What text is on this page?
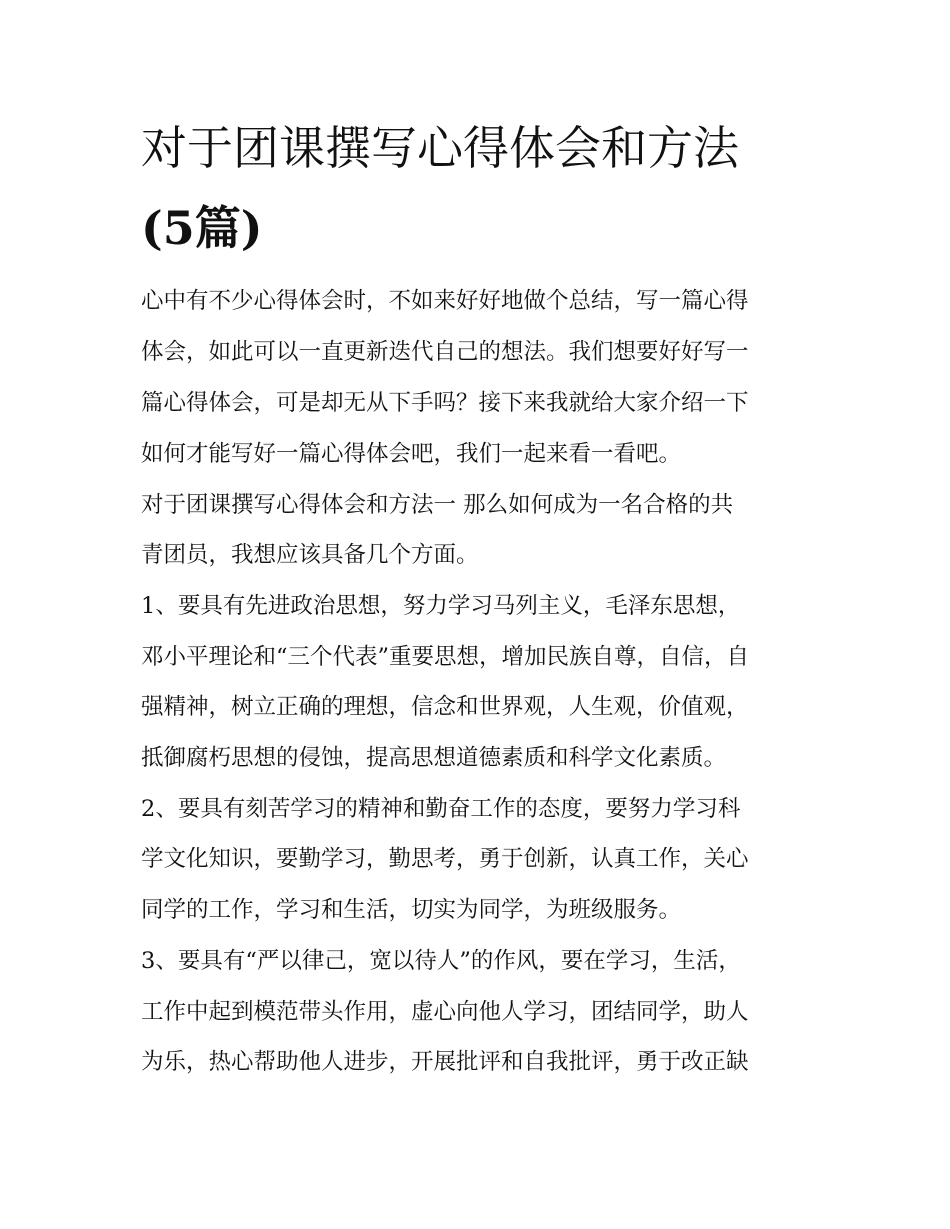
对于团课撰写心得体会和方法
(5篇)
心中有不少心得体会时，不如来好好地做个总结，写一篇心得
体会，如此可以一直更新迭代自己的想法。我们想要好好写一
篇心得体会，可是却无从下手吗？接下来我就给大家介绍一下
如何才能写好一篇心得体会吧，我们一起来看一看吧。
对于团课撰写心得体会和方法一 那么如何成为一名合格的共
青团员，我想应该具备几个方面。
1、要具有先进政治思想，努力学习马列主义，毛泽东思想，
邓小平理论和“三个代表”重要思想，增加民族自尊，自信，自
强精神，树立正确的理想，信念和世界观，人生观，价值观，
抵御腐朽思想的侵蚀，提高思想道德素质和科学文化素质。
2、要具有刻苦学习的精神和勤奋工作的态度，要努力学习科
学文化知识，要勤学习，勤思考，勇于创新，认真工作，关心
同学的工作，学习和生活，切实为同学，为班级服务。
3、要具有“严以律己，宽以待人”的作风，要在学习，生活，
工作中起到模范带头作用，虚心向他人学习，团结同学，助人
为乐，热心帮助他人进步，开展批评和自我批评，勇于改正缺
